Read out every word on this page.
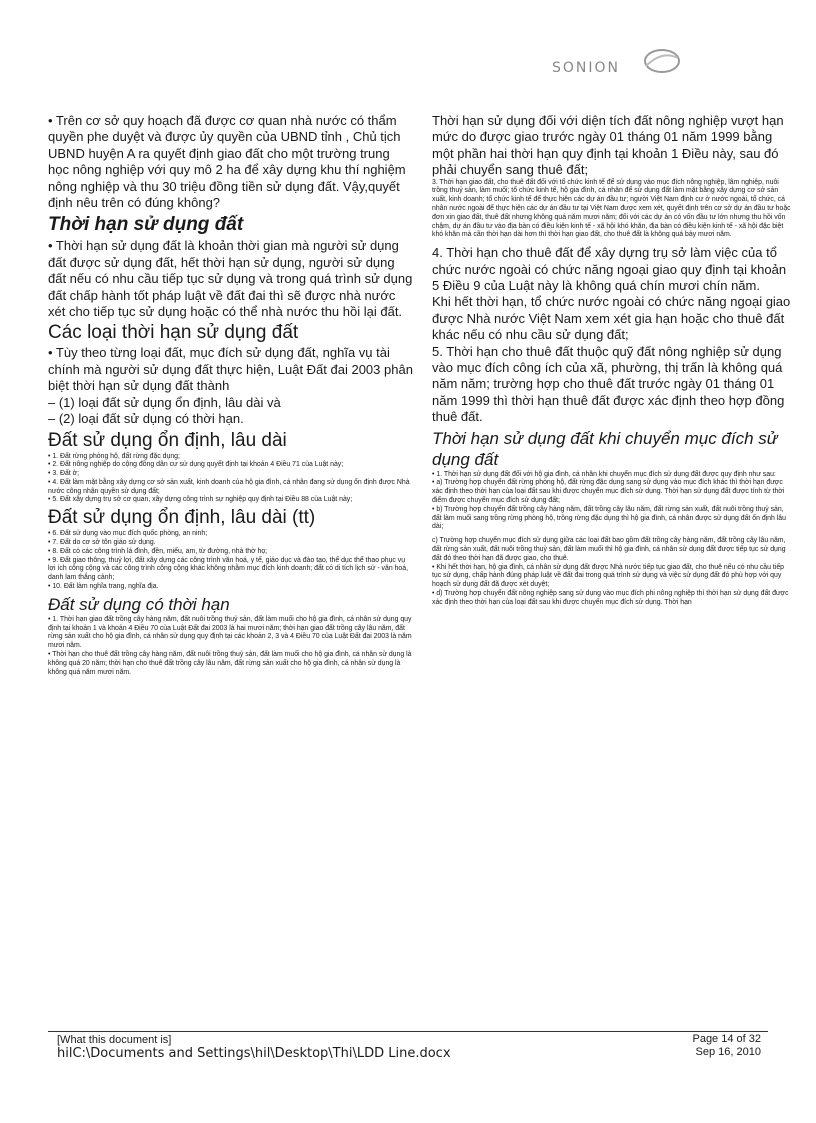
SONION

• Trên cơ sở quy hoạch đã được cơ quan nhà nước có thẩm quyền phe duyệt và được ủy quyền của UBND tỉnh , Chủ tịch UBND huyện A ra quyết định giao đất cho một trường trung học nông nghiệp với quy mô 2 ha để xây dựng khu thí nghiệm nông nghiệp và thu 30 triệu đồng tiền sử dụng đất. Vậy,quyết định nêu trên có đúng không?

Thời hạn sử dụng đất

• Thời hạn sử dụng đất là khoản thời gian mà người sử dụng đất được sử dụng đất, hết thời hạn sử dụng, người sử dụng đất nếu có nhu cầu tiếp tục sử dụng và trong quá trình sử dụng đất chấp hành tốt pháp luật về đất đai thì sẽ được nhà nước xét cho tiếp tục sử dụng hoặc có thể nhà nước thu hồi lại đất.

Các loại thời hạn sử dụng đất

• Tùy theo từng loại đất, mục đích sử dụng đất, nghĩa vụ tài chính mà người sử dụng đất thực hiện, Luật Đất đai 2003 phân biệt thời hạn sử dụng đất thành

– (1) loại đất sử dụng ổn định, lâu dài và

– (2) loại đất sử dụng có thời hạn.

Đất sử dụng ổn định, lâu dài

• 1. Đất rừng phòng hộ, đất rừng đặc dụng;

• 2. Đất nông nghiệp do cộng đồng dân cư sử dụng quyết định tại khoản 4 Điều 71 của Luật này;

• 3. Đất ở;

• 4. Đất làm mặt bằng xây dựng cơ sở sản xuất, kinh doanh của hộ gia đình, cá nhân đang sử dụng ổn định được Nhà nước công nhận quyền sử dụng đất;

• 5. Đất xây dựng trụ sở cơ quan, xây dựng công trình sự nghiệp quy định tại Điều 88 của Luật này;

Đất sử dụng ổn định, lâu dài (tt)

• 6. Đất sử dụng vào mục đích quốc phòng, an ninh;

• 7. Đất do cơ sở tôn giáo sử dụng.

• 8. Đất có các công trình là đình, đền, miếu, am, từ đường, nhà thờ họ;

• 9. Đất giao thông, thuỷ lợi, đất xây dựng các công trình văn hoá, y tế, giáo dục và đào tạo, thể dục thể thao phục vụ lợi ích công cộng và các công trình công cộng khác không nhằm mục đích kinh doanh; đất có di tích lịch sử - văn hoá, danh lam thắng cảnh;

• 10. Đất làm nghĩa trang, nghĩa địa.

Đất sử dụng có thời hạn

• 1. Thời hạn giao đất trồng cây hàng năm, đất nuôi trồng thuỷ sản, đất làm muối cho hộ gia đình, cá nhân sử dụng quy định tại khoản 1 và khoản 4 Điều 70 của Luật Đất đai 2003 là hai mươi năm; thời hạn giao đất trồng cây lâu năm, đất rừng sản xuất cho hộ gia đình, cá nhân sử dụng quy định tại các khoản 2, 3 và 4 Điều 70 của Luật Đất đai 2003 là năm mươi năm.

• Thời hạn cho thuê đất trồng cây hàng năm, đất nuôi trồng thuỷ sản, đất làm muối cho hộ gia đình, cá nhân sử dụng là không quá 20 năm; thời hạn cho thuê đất trồng cây lâu năm, đất rừng sản xuất cho hộ gia đình, cá nhân sử dụng là không quá năm mươi năm.

Thời hạn sử dụng đối với diện tích đất nông nghiệp vượt hạn mức do được giao trước ngày 01 tháng 01 năm 1999 bằng một phần hai thời hạn quy định tại khoản 1 Điều này, sau đó phải chuyển sang thuê đất;

3. Thời hạn giao đất, cho thuê đất đối với tổ chức kinh tế để sử dụng vào mục đích nông nghiệp, lâm nghiệp, nuôi trồng thuỷ sản, làm muối; tổ chức kinh tế, hộ gia đình, cá nhân để sử dụng đất làm mặt bằng xây dựng cơ sở sản xuất, kinh doanh; tổ chức kinh tế để thực hiện các dự án đầu tư; người Việt Nam định cư ở nước ngoài, tổ chức, cá nhân nước ngoài để thực hiện các dự án đầu tư tại Việt Nam được xem xét, quyết định trên cơ sở dự án đầu tư hoặc đơn xin giao đất, thuê đất nhưng không quá năm mươi năm; đối với các dự án có vốn đầu tư lớn nhưng thu hồi vốn chậm, dự án đầu tư vào địa bàn có điều kiện kinh tế - xã hội khó khăn, địa bàn có điều kiện kinh tế - xã hội đặc biệt khó khăn mà cần thời hạn dài hơn thì thời hạn giao đất, cho thuê đất là không quá bảy mươi năm.

4. Thời hạn cho thuê đất để xây dựng trụ sở làm việc của tổ chức nước ngoài có chức năng ngoại giao quy định tại khoản 5 Điều 9 của Luật này là không quá chín mươi chín năm.

Khi hết thời hạn, tổ chức nước ngoài có chức năng ngoại giao được Nhà nước Việt Nam xem xét gia hạn hoặc cho thuê đất khác nếu có nhu cầu sử dụng đất;

5. Thời hạn cho thuê đất thuộc quỹ đất nông nghiệp sử dụng vào mục đích công ích của xã, phường, thị trấn là không quá năm năm; trường hợp cho thuê đất trước ngày 01 tháng 01 năm 1999 thì thời hạn thuê đất được xác định theo hợp đồng thuê đất.

Thời hạn sử dụng đất khi chuyển mục đích sử dụng đất

• 1. Thời hạn sử dụng đất đối với hộ gia đình, cá nhân khi chuyển mục đích sử dụng đất được quy định như sau:

• a) Trường hợp chuyển đất rừng phòng hộ, đất rừng đặc dụng sang sử dụng vào mục đích khác thì thời hạn được xác định theo thời hạn của loại đất sau khi được chuyển mục đích sử dụng. Thời hạn sử dụng đất được tính từ thời điểm được chuyển mục đích sử dụng đất;

• b) Trường hợp chuyển đất trồng cây hàng năm, đất trồng cây lâu năm, đất rừng sản xuất, đất nuôi trồng thuỷ sản, đất làm muối sang trồng rừng phòng hộ, trồng rừng đặc dụng thì hộ gia đình, cá nhân được sử dụng đất ổn định lâu dài;

c) Trường hợp chuyển mục đích sử dụng giữa các loại đất bao gồm đất trồng cây hàng năm, đất trồng cây lâu năm, đất rừng sản xuất, đất nuôi trồng thuỷ sản, đất làm muối thì hộ gia đình, cá nhân sử dụng đất được tiếp tục sử dụng đất đó theo thời hạn đã được giao, cho thuê.

• Khi hết thời hạn, hộ gia đình, cá nhân sử dụng đất được Nhà nước tiếp tục giao đất, cho thuê nếu có nhu cầu tiếp tục sử dụng, chấp hành đúng pháp luật về đất đai trong quá trình sử dụng và việc sử dụng đất đó phù hợp với quy hoạch sử dụng đất đã được xét duyệt;

• d) Trường hợp chuyển đất nông nghiệp sang sử dụng vào mục đích phi nông nghiệp thì thời hạn sử dụng đất được xác định theo thời hạn của loại đất sau khi được chuyển mục đích sử dụng. Thời hạn

[What this document is]
hilC:\Documents and Settings\hil\Desktop\Thi\LDD Line.docx
Page 14 of 32
Sep 16, 2010
